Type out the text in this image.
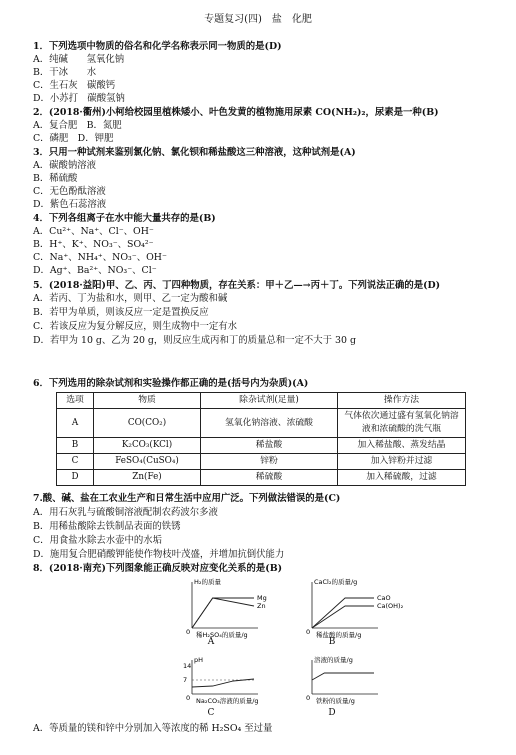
专题复习(四)　盐　化肥
1．下列选项中物质的俗名和化学名称表示同一物质的是(D)
A．纯碱　　氢氧化钠
B．干冰　　水
C．生石灰　碳酸钙
D．小苏打　碳酸氢钠
2．(2018·衢州)小柯给校园里植株矮小、叶色发黄的植物施用尿素 CO(NH₂)₂，尿素是一种(B)
A．复合肥　B．氮肥
C．磷肥　D．钾肥
3．只用一种试剂来鉴别氯化钠、氯化钡和稀盐酸这三种溶液，这种试剂是(A)
A．碳酸钠溶液
B．稀硫酸
C．无色酚酞溶液
D．紫色石蕊溶液
4．下列各组离子在水中能大量共存的是(B)
A．Cu²⁺、Na⁺、Cl⁻、OH⁻
B．H⁺、K⁺、NO₃⁻、SO₄²⁻
C．Na⁺、NH₄⁺、NO₃⁻、OH⁻
D．Ag⁺、Ba²⁺、NO₃⁻、Cl⁻
5．(2018·益阳)甲、乙、丙、丁四种物质，存在关系：甲＋乙—→丙＋丁。下列说法正确的是(D)
A．若丙、丁为盐和水，则甲、乙一定为酸和碱
B．若甲为单质，则该反应一定是置换反应
C．若该反应为复分解反应，则生成物中一定有水
D．若甲为 10 g、乙为 20 g，则反应生成丙和丁的质量总和一定不大于 30 g
6．下列选用的除杂试剂和实验操作都正确的是(括号内为杂质)(A)
选项	物质	除杂试剂(足量)	操作方法
A	CO(CO₂)	氢氧化钠溶液、浓硫酸	气体依次通过盛有氢氧化钠溶液和浓硫酸的洗气瓶
B	K₂CO₃(KCl)	稀盐酸	加入稀盐酸、蒸发结晶
C	FeSO₄(CuSO₄)	锌粉	加入锌粉并过滤
D	Zn(Fe)	稀硫酸	加入稀硫酸，过滤
7.酸、碱、盐在工农业生产和日常生活中应用广泛。下列做法错误的是(C)
A．用石灰乳与硫酸铜溶液配制农药波尔多液
B．用稀盐酸除去铁制品表面的铁锈
C．用食盐水除去水壶中的水垢
D．施用复合肥硝酸钾能使作物枝叶茂盛，并增加抗倒伏能力
8．(2018·南充)下列图象能正确反映对应变化关系的是(B)
H₂的质量
稀H₂SO₄的质量/g
0
Mg
Zn
CaCl₂的质量/g
稀盐酸的质量/g
0
CaO
Ca(OH)₂
pH
Na₂CO₃溶液的质量/g
0
14
7
溶液的质量/g
铁粉的质量/g
0
A	B
C	D
A．等质量的镁和锌中分别加入等浓度的稀 H₂SO₄ 至过量
